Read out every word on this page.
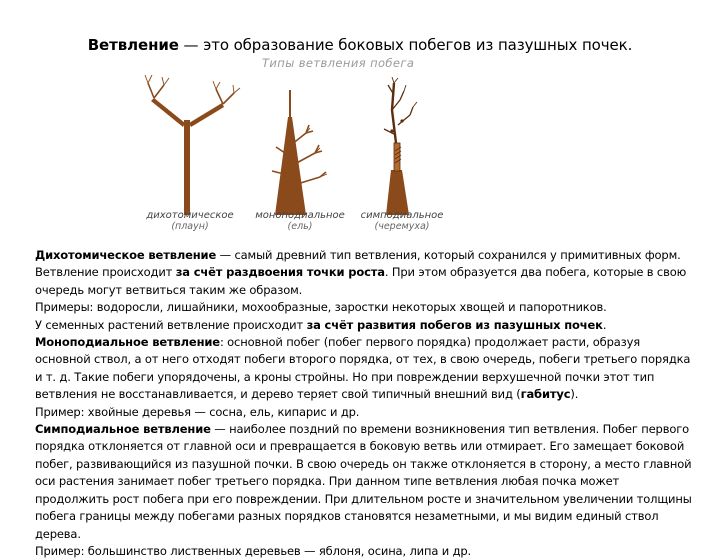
Ветвление — это образование боковых побегов из пазушных почек.
Типы ветвления побега
дихотомическое
(плаун)
моноподиальное
(ель)
симподиальное
(черемуха)

Дихотомическое ветвление — самый древний тип ветвления, который сохранился у примитивных форм.

Ветвление происходит за счёт раздвоения точки роста. При этом образуется два побега, которые в свою очередь могут ветвиться таким же образом.

Примеры: водоросли, лишайники, мохообразные, заростки некоторых хвощей и папоротников.

У семенных растений ветвление происходит за счёт развития побегов из пазушных почек.

Моноподиальное ветвление: основной побег (побег первого порядка) продолжает расти, образуя основной ствол, а от него отходят побеги второго порядка, от тех, в свою очередь, побеги третьего порядка и т. д. Такие побеги упорядочены, а кроны стройны. Но при повреждении верхушечной почки этот тип ветвления не восстанавливается, и дерево теряет свой типичный внешний вид (габитус).

Пример: хвойные деревья — сосна, ель, кипарис и др.

Симподиальное ветвление — наиболее поздний по времени возникновения тип ветвления. Побег первого порядка отклоняется от главной оси и превращается в боковую ветвь или отмирает. Его замещает боковой побег, развивающийся из пазушной почки. В свою очередь он также отклоняется в сторону, а место главной оси растения занимает побег третьего порядка. При данном типе ветвления любая почка может продолжить рост побега при его повреждении. При длительном росте и значительном увеличении толщины побега границы между побегами разных порядков становятся незаметными, и мы видим единый ствол дерева.

Пример: большинство лиственных деревьев — яблоня, осина, липа и др.
